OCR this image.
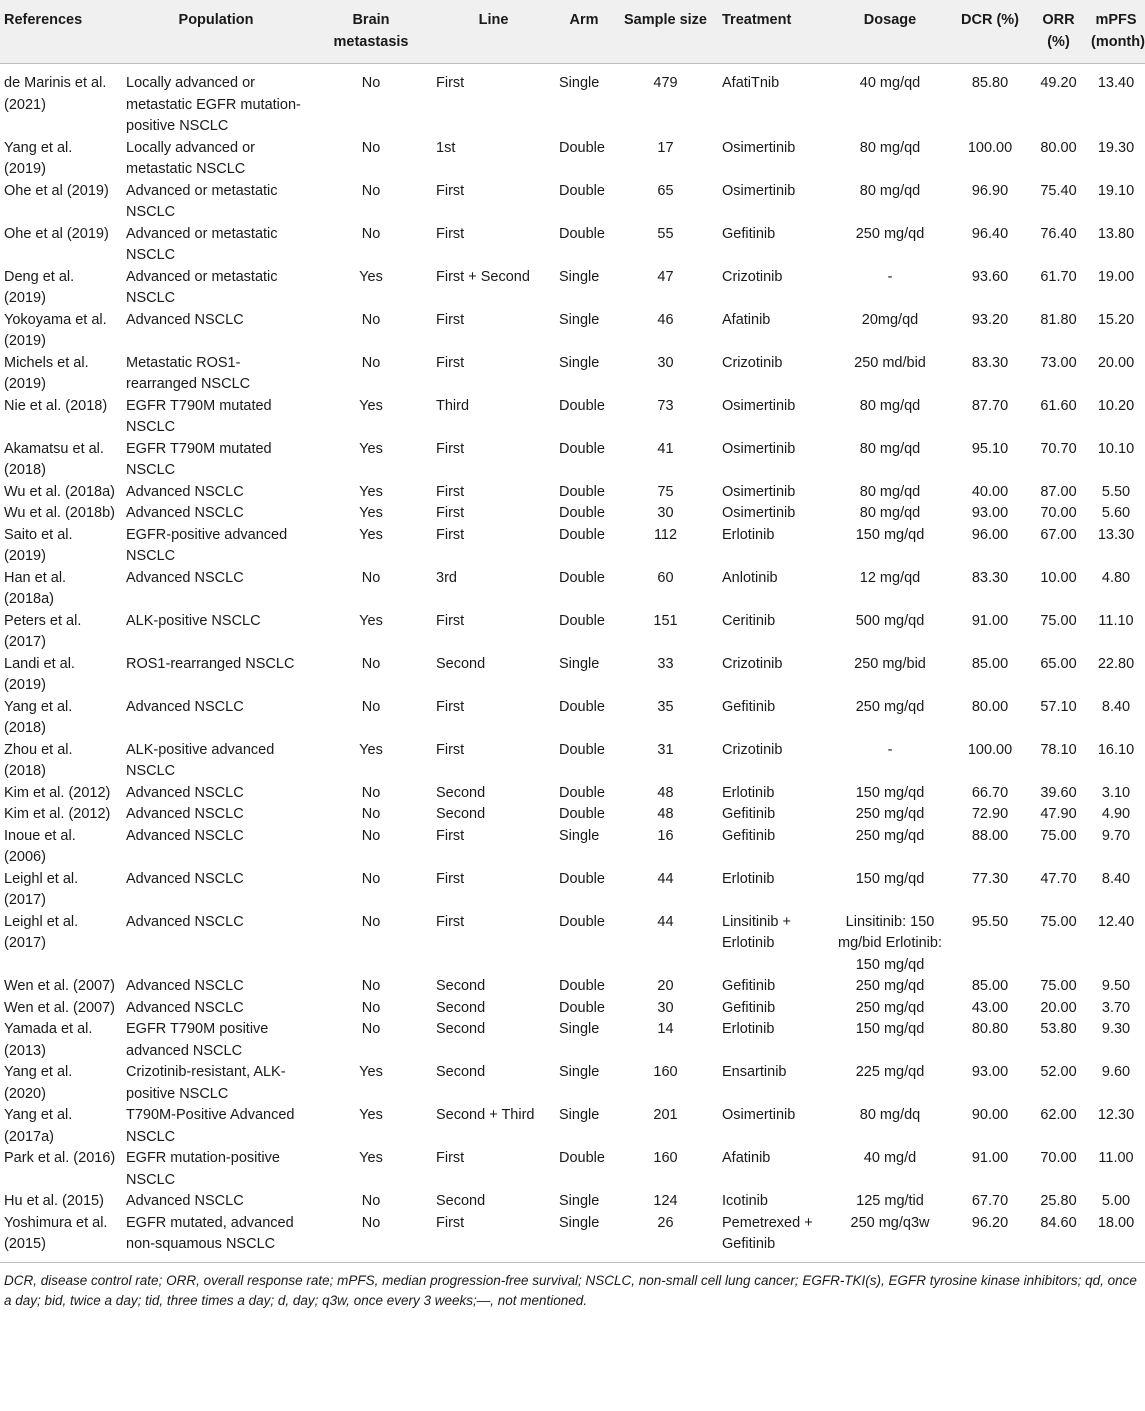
References	Population	Brain metastasis	Line	Arm	Sample size	Treatment	Dosage	DCR (%)	ORR (%)	mPFS (month)
de Marinis et al. (2021)	Locally advanced or metastatic EGFR mutation-positive NSCLC	No	First	Single	479	AfatiTnib	40 mg/qd	85.80	49.20	13.40
Yang et al. (2019)	Locally advanced or metastatic NSCLC	No	1st	Double	17	Osimertinib	80 mg/qd	100.00	80.00	19.30
Ohe et al (2019)	Advanced or metastatic NSCLC	No	First	Double	65	Osimertinib	80 mg/qd	96.90	75.40	19.10
Ohe et al (2019)	Advanced or metastatic NSCLC	No	First	Double	55	Gefitinib	250 mg/qd	96.40	76.40	13.80
Deng et al. (2019)	Advanced or metastatic NSCLC	Yes	First + Second	Single	47	Crizotinib	-	93.60	61.70	19.00
Yokoyama et al. (2019)	Advanced NSCLC	No	First	Single	46	Afatinib	20mg/qd	93.20	81.80	15.20
Michels et al. (2019)	Metastatic ROS1-rearranged NSCLC	No	First	Single	30	Crizotinib	250 md/bid	83.30	73.00	20.00
Nie et al. (2018)	EGFR T790M mutated NSCLC	Yes	Third	Double	73	Osimertinib	80 mg/qd	87.70	61.60	10.20
Akamatsu et al. (2018)	EGFR T790M mutated NSCLC	Yes	First	Double	41	Osimertinib	80 mg/qd	95.10	70.70	10.10
Wu et al. (2018a)	Advanced NSCLC	Yes	First	Double	75	Osimertinib	80 mg/qd	40.00	87.00	5.50
Wu et al. (2018b)	Advanced NSCLC	Yes	First	Double	30	Osimertinib	80 mg/qd	93.00	70.00	5.60
Saito et al. (2019)	EGFR-positive advanced NSCLC	Yes	First	Double	112	Erlotinib	150 mg/qd	96.00	67.00	13.30
Han et al. (2018a)	Advanced NSCLC	No	3rd	Double	60	Anlotinib	12 mg/qd	83.30	10.00	4.80
Peters et al. (2017)	ALK-positive NSCLC	Yes	First	Double	151	Ceritinib	500 mg/qd	91.00	75.00	11.10
Landi et al. (2019)	ROS1-rearranged NSCLC	No	Second	Single	33	Crizotinib	250 mg/bid	85.00	65.00	22.80
Yang et al. (2018)	Advanced NSCLC	No	First	Double	35	Gefitinib	250 mg/qd	80.00	57.10	8.40
Zhou et al. (2018)	ALK-positive advanced NSCLC	Yes	First	Double	31	Crizotinib	-	100.00	78.10	16.10
Kim et al. (2012)	Advanced NSCLC	No	Second	Double	48	Erlotinib	150 mg/qd	66.70	39.60	3.10
Kim et al. (2012)	Advanced NSCLC	No	Second	Double	48	Gefitinib	250 mg/qd	72.90	47.90	4.90
Inoue et al. (2006)	Advanced NSCLC	No	First	Single	16	Gefitinib	250 mg/qd	88.00	75.00	9.70
Leighl et al. (2017)	Advanced NSCLC	No	First	Double	44	Erlotinib	150 mg/qd	77.30	47.70	8.40
Leighl et al. (2017)	Advanced NSCLC	No	First	Double	44	Linsitinib + Erlotinib	Linsitinib: 150 mg/bid Erlotinib: 150 mg/qd	95.50	75.00	12.40
Wen et al. (2007)	Advanced NSCLC	No	Second	Double	20	Gefitinib	250 mg/qd	85.00	75.00	9.50
Wen et al. (2007)	Advanced NSCLC	No	Second	Double	30	Gefitinib	250 mg/qd	43.00	20.00	3.70
Yamada et al. (2013)	EGFR T790M positive advanced NSCLC	No	Second	Single	14	Erlotinib	150 mg/qd	80.80	53.80	9.30
Yang et al. (2020)	Crizotinib-resistant, ALK-positive NSCLC	Yes	Second	Single	160	Ensartinib	225 mg/qd	93.00	52.00	9.60
Yang et al. (2017a)	T790M-Positive Advanced NSCLC	Yes	Second + Third	Single	201	Osimertinib	80 mg/dq	90.00	62.00	12.30
Park et al. (2016)	EGFR mutation-positive NSCLC	Yes	First	Double	160	Afatinib	40 mg/d	91.00	70.00	11.00
Hu et al. (2015)	Advanced NSCLC	No	Second	Single	124	Icotinib	125 mg/tid	67.70	25.80	5.00
Yoshimura et al. (2015)	EGFR mutated, advanced non-squamous NSCLC	No	First	Single	26	Pemetrexed + Gefitinib	250 mg/q3w	96.20	84.60	18.00
DCR, disease control rate; ORR, overall response rate; mPFS, median progression-free survival; NSCLC, non-small cell lung cancer; EGFR-TKI(s), EGFR tyrosine kinase inhibitors; qd, once a day; bid, twice a day; tid, three times a day; d, day; q3w, once every 3 weeks;—, not mentioned.
